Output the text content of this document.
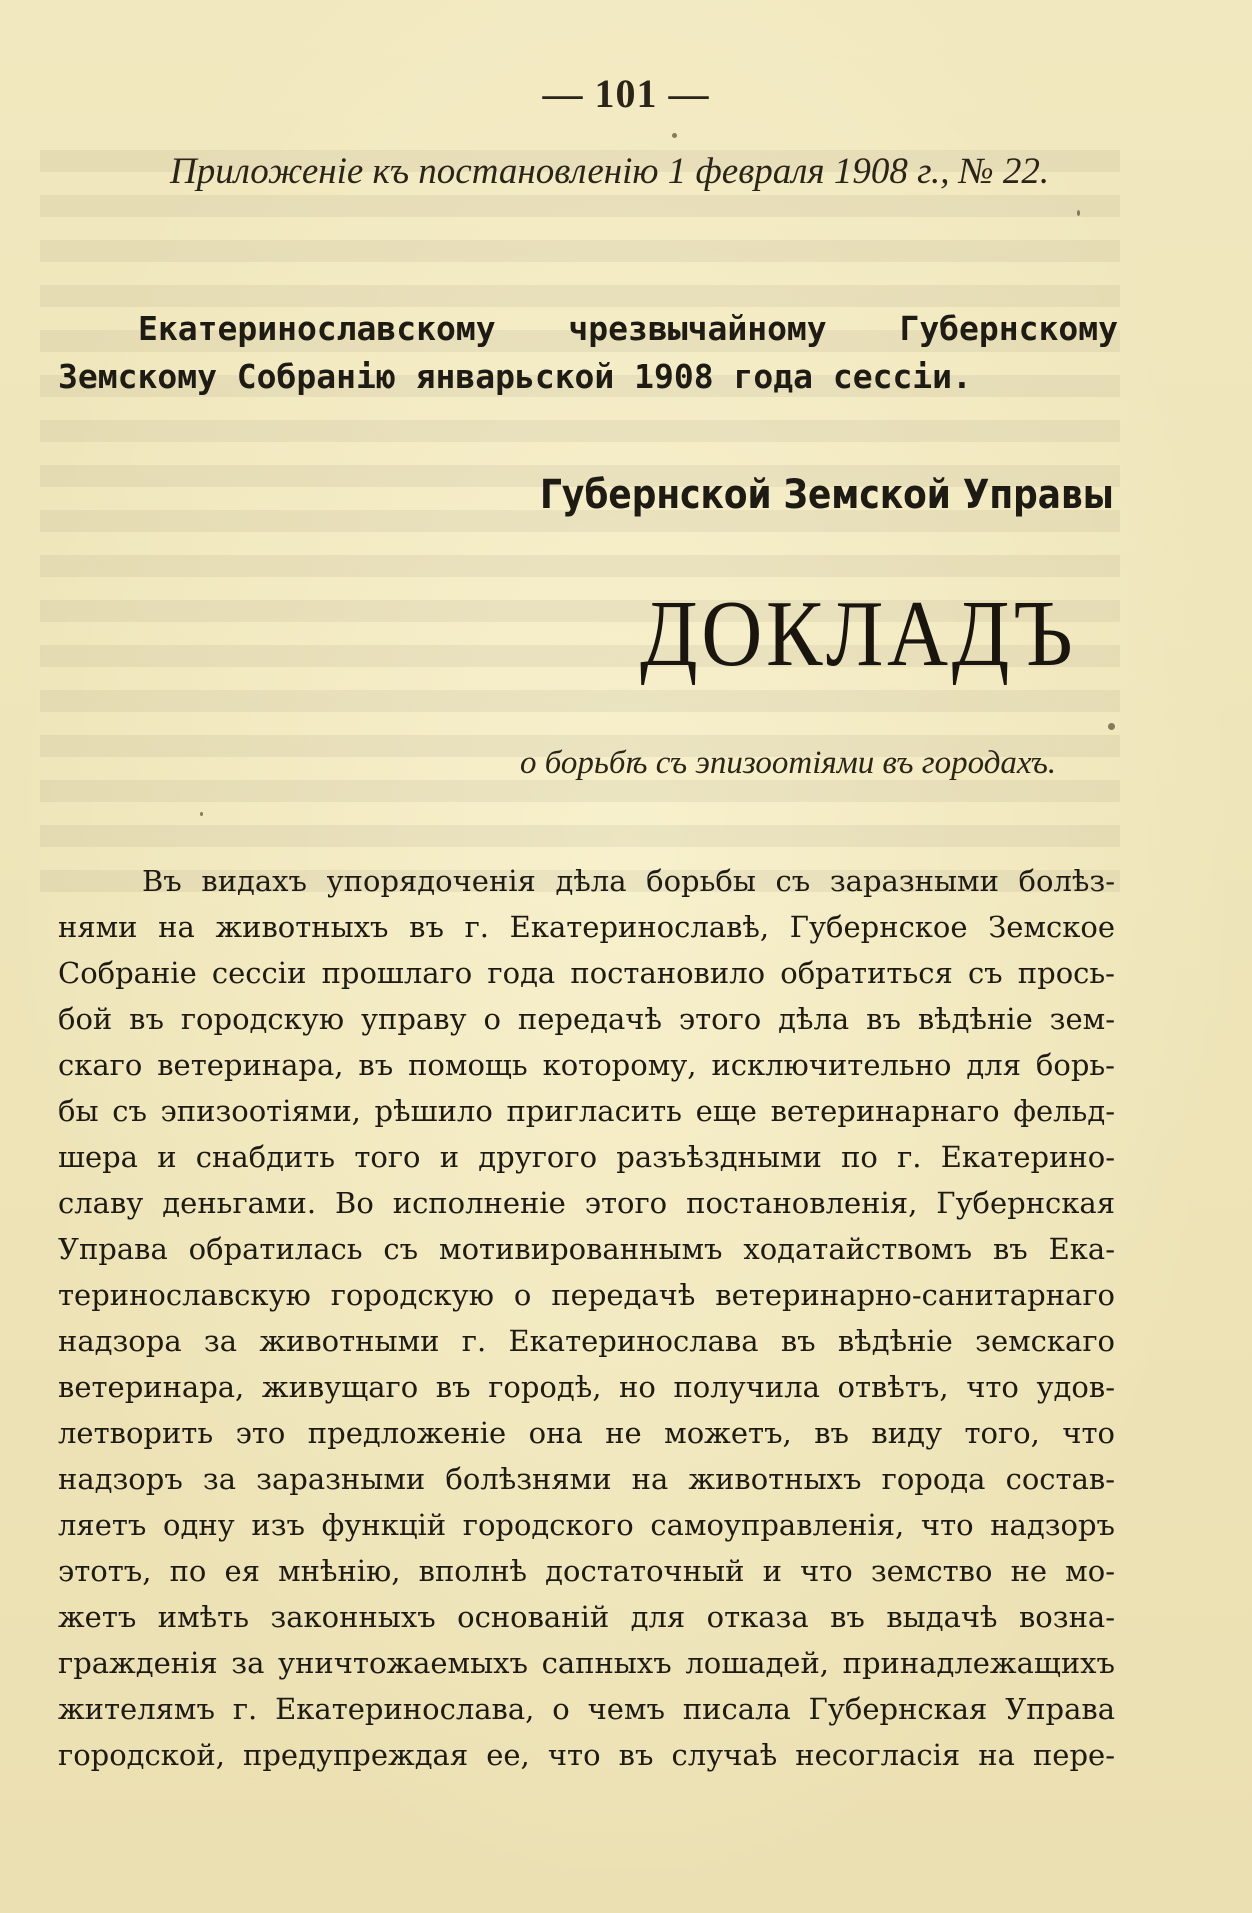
— 101 —
Приложеніе къ постановленію 1 февраля 1908 г., № 22.
Екатеринославскому чрезвычайному Губернскому Земскому Собранію январьской 1908 года сессіи.
Губернской Земской Управы
ДОКЛАДЪ
о борьбѣ съ эпизоотіями въ городахъ.
Въ видахъ упорядоченія дѣла борьбы съ заразными болѣз-
нями на животныхъ въ г. Екатеринославѣ, Губернское Земское
Собраніе сессіи прошлаго года постановило обратиться съ прось-
бой въ городскую управу о передачѣ этого дѣла въ вѣдѣніе зем-
скаго ветеринара, въ помощь которому, исключительно для борь-
бы съ эпизоотіями, рѣшило пригласить еще ветеринарнаго фельд-
шера и снабдить того и другого разъѣздными по г. Екатерино-
славу деньгами. Во исполненіе этого постановленія, Губернская
Управа обратилась съ мотивированнымъ ходатайствомъ въ Ека-
теринославскую городскую о передачѣ ветеринарно-санитарнаго
надзора за животными г. Екатеринослава въ вѣдѣніе земскаго
ветеринара, живущаго въ городѣ, но получила отвѣтъ, что удов-
летворить это предложеніе она не можетъ, въ виду того, что
надзоръ за заразными болѣзнями на животныхъ города состав-
ляетъ одну изъ функцій городского самоуправленія, что надзоръ
этотъ, по ея мнѣнію, вполнѣ достаточный и что земство не мо-
жетъ имѣть законныхъ основаній для отказа въ выдачѣ возна-
гражденія за уничтожаемыхъ сапныхъ лошадей, принадлежащихъ
жителямъ г. Екатеринослава, о чемъ писала Губернская Управа
городской, предупреждая ее, что въ случаѣ несогласія на пере-
